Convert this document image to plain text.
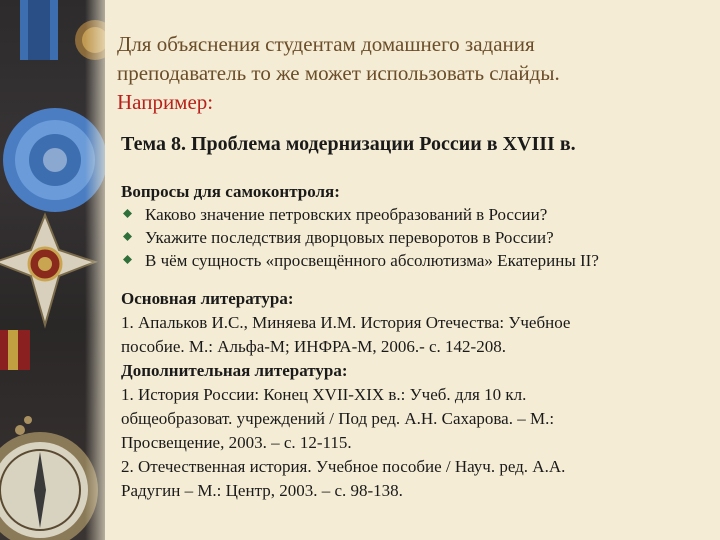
Для объяснения студентам домашнего задания
преподаватель то же может использовать слайды.
Например:
Тема 8. Проблема модернизации России в XVIII в.
Вопросы для самоконтроля:
Каково значение петровских преобразований в России?
Укажите последствия дворцовых переворотов в России?
В чём сущность «просвещённого абсолютизма» Екатерины II?
Основная литература:
1. Апальков И.С., Миняева И.М. История Отечества: Учебное
пособие. М.: Альфа-М; ИНФРА-М, 2006.- с. 142-208.
Дополнительная литература:
1. История России: Конец XVII-XIX в.: Учеб. для 10 кл.
общеобразоват. учреждений / Под ред. А.Н. Сахарова. – М.:
Просвещение, 2003. – с. 12-115.
2. Отечественная история. Учебное пособие / Науч. ред. А.А.
Радугин – М.: Центр, 2003. – с. 98-138.
